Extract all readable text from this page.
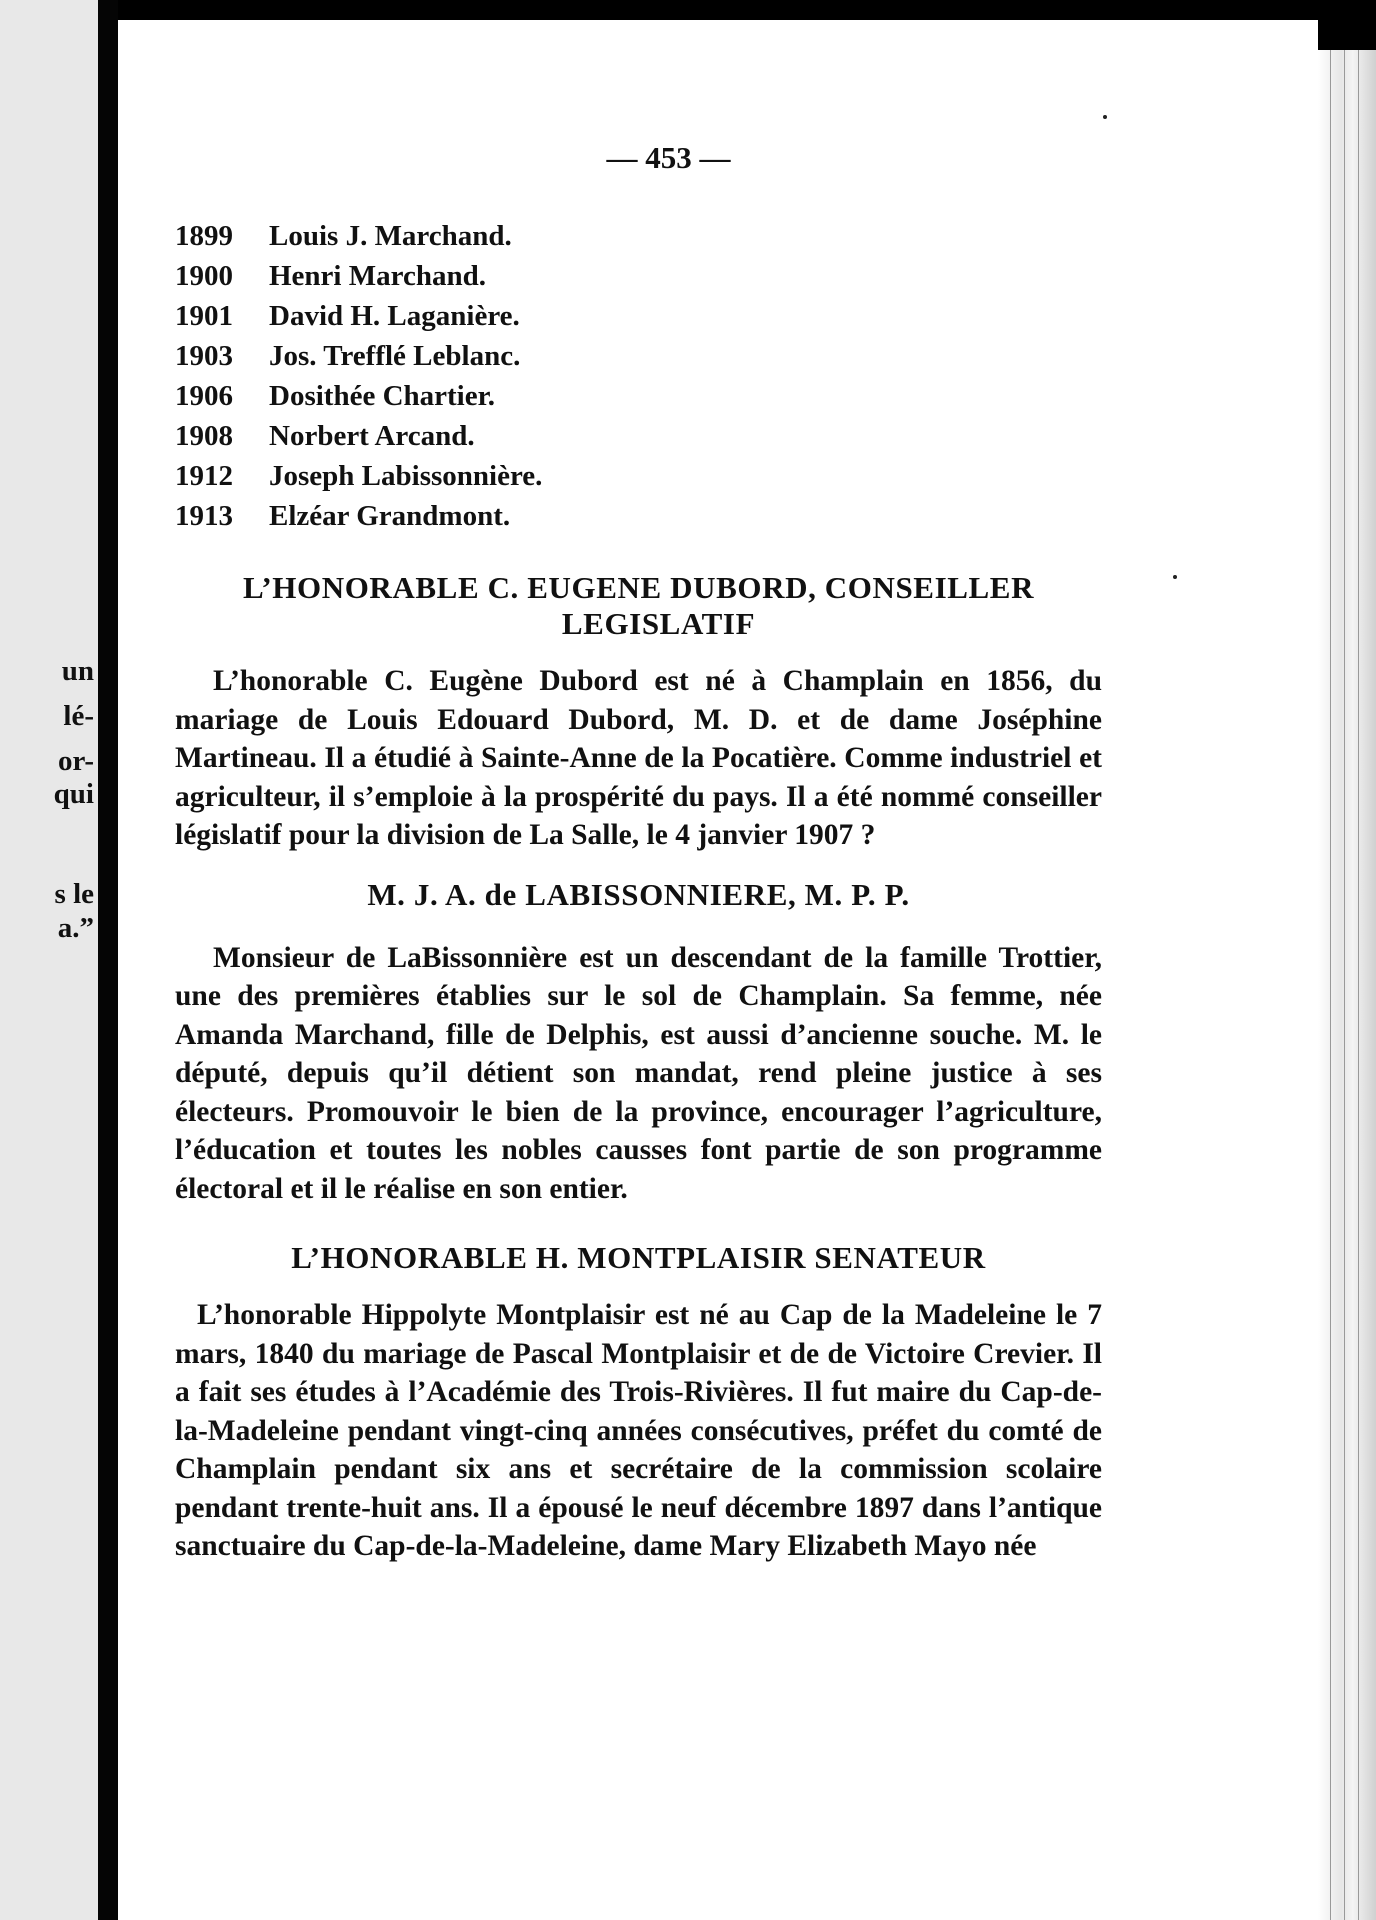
un
lé-
or-
qui
s le
a.”
— 453 —
1899	Louis J. Marchand.
1900	Henri Marchand.
1901	David H. Laganière.
1903	Jos. Trefflé Leblanc.
1906	Dosithée Chartier.
1908	Norbert Arcand.
1912	Joseph Labissonnière.
1913	Elzéar Grandmont.
L’HONORABLE C. EUGENE DUBORD, CONSEILLER
LEGISLATIF

L’honorable C. Eugène Dubord est né à Champlain en 1856, du mariage de Louis Edouard Dubord, M. D. et de dame Joséphine Martineau. Il a étudié à Sainte-Anne de la Pocatière. Comme industriel et agriculteur, il s’emploie à la prospérité du pays. Il a été nommé conseiller législatif pour la division de La Salle, le 4 janvier 1907 ?

M. J. A. de LABISSONNIERE, M. P. P.

Monsieur de LaBissonnière est un descendant de la famille Trottier, une des premières établies sur le sol de Champlain. Sa femme, née Amanda Marchand, fille de Delphis, est aussi d’ancienne souche. M. le député, depuis qu’il détient son mandat, rend pleine justice à ses électeurs. Promouvoir le bien de la province, encourager l’agriculture, l’éducation et toutes les nobles causses font partie de son programme électoral et il le réalise en son entier.

L’HONORABLE H. MONTPLAISIR SENATEUR

L’honorable Hippolyte Montplaisir est né au Cap de la Madeleine le 7 mars, 1840 du mariage de Pascal Montplaisir et de de Victoire Crevier. Il a fait ses études à l’Académie des Trois-Rivières. Il fut maire du Cap-de-la-Madeleine pendant vingt-cinq années consécutives, préfet du comté de Champlain pendant six ans et secrétaire de la commission scolaire pendant trente-huit ans. Il a épousé le neuf décembre 1897 dans l’antique sanctuaire du Cap-de-la-Madeleine, dame Mary Elizabeth Mayo née
